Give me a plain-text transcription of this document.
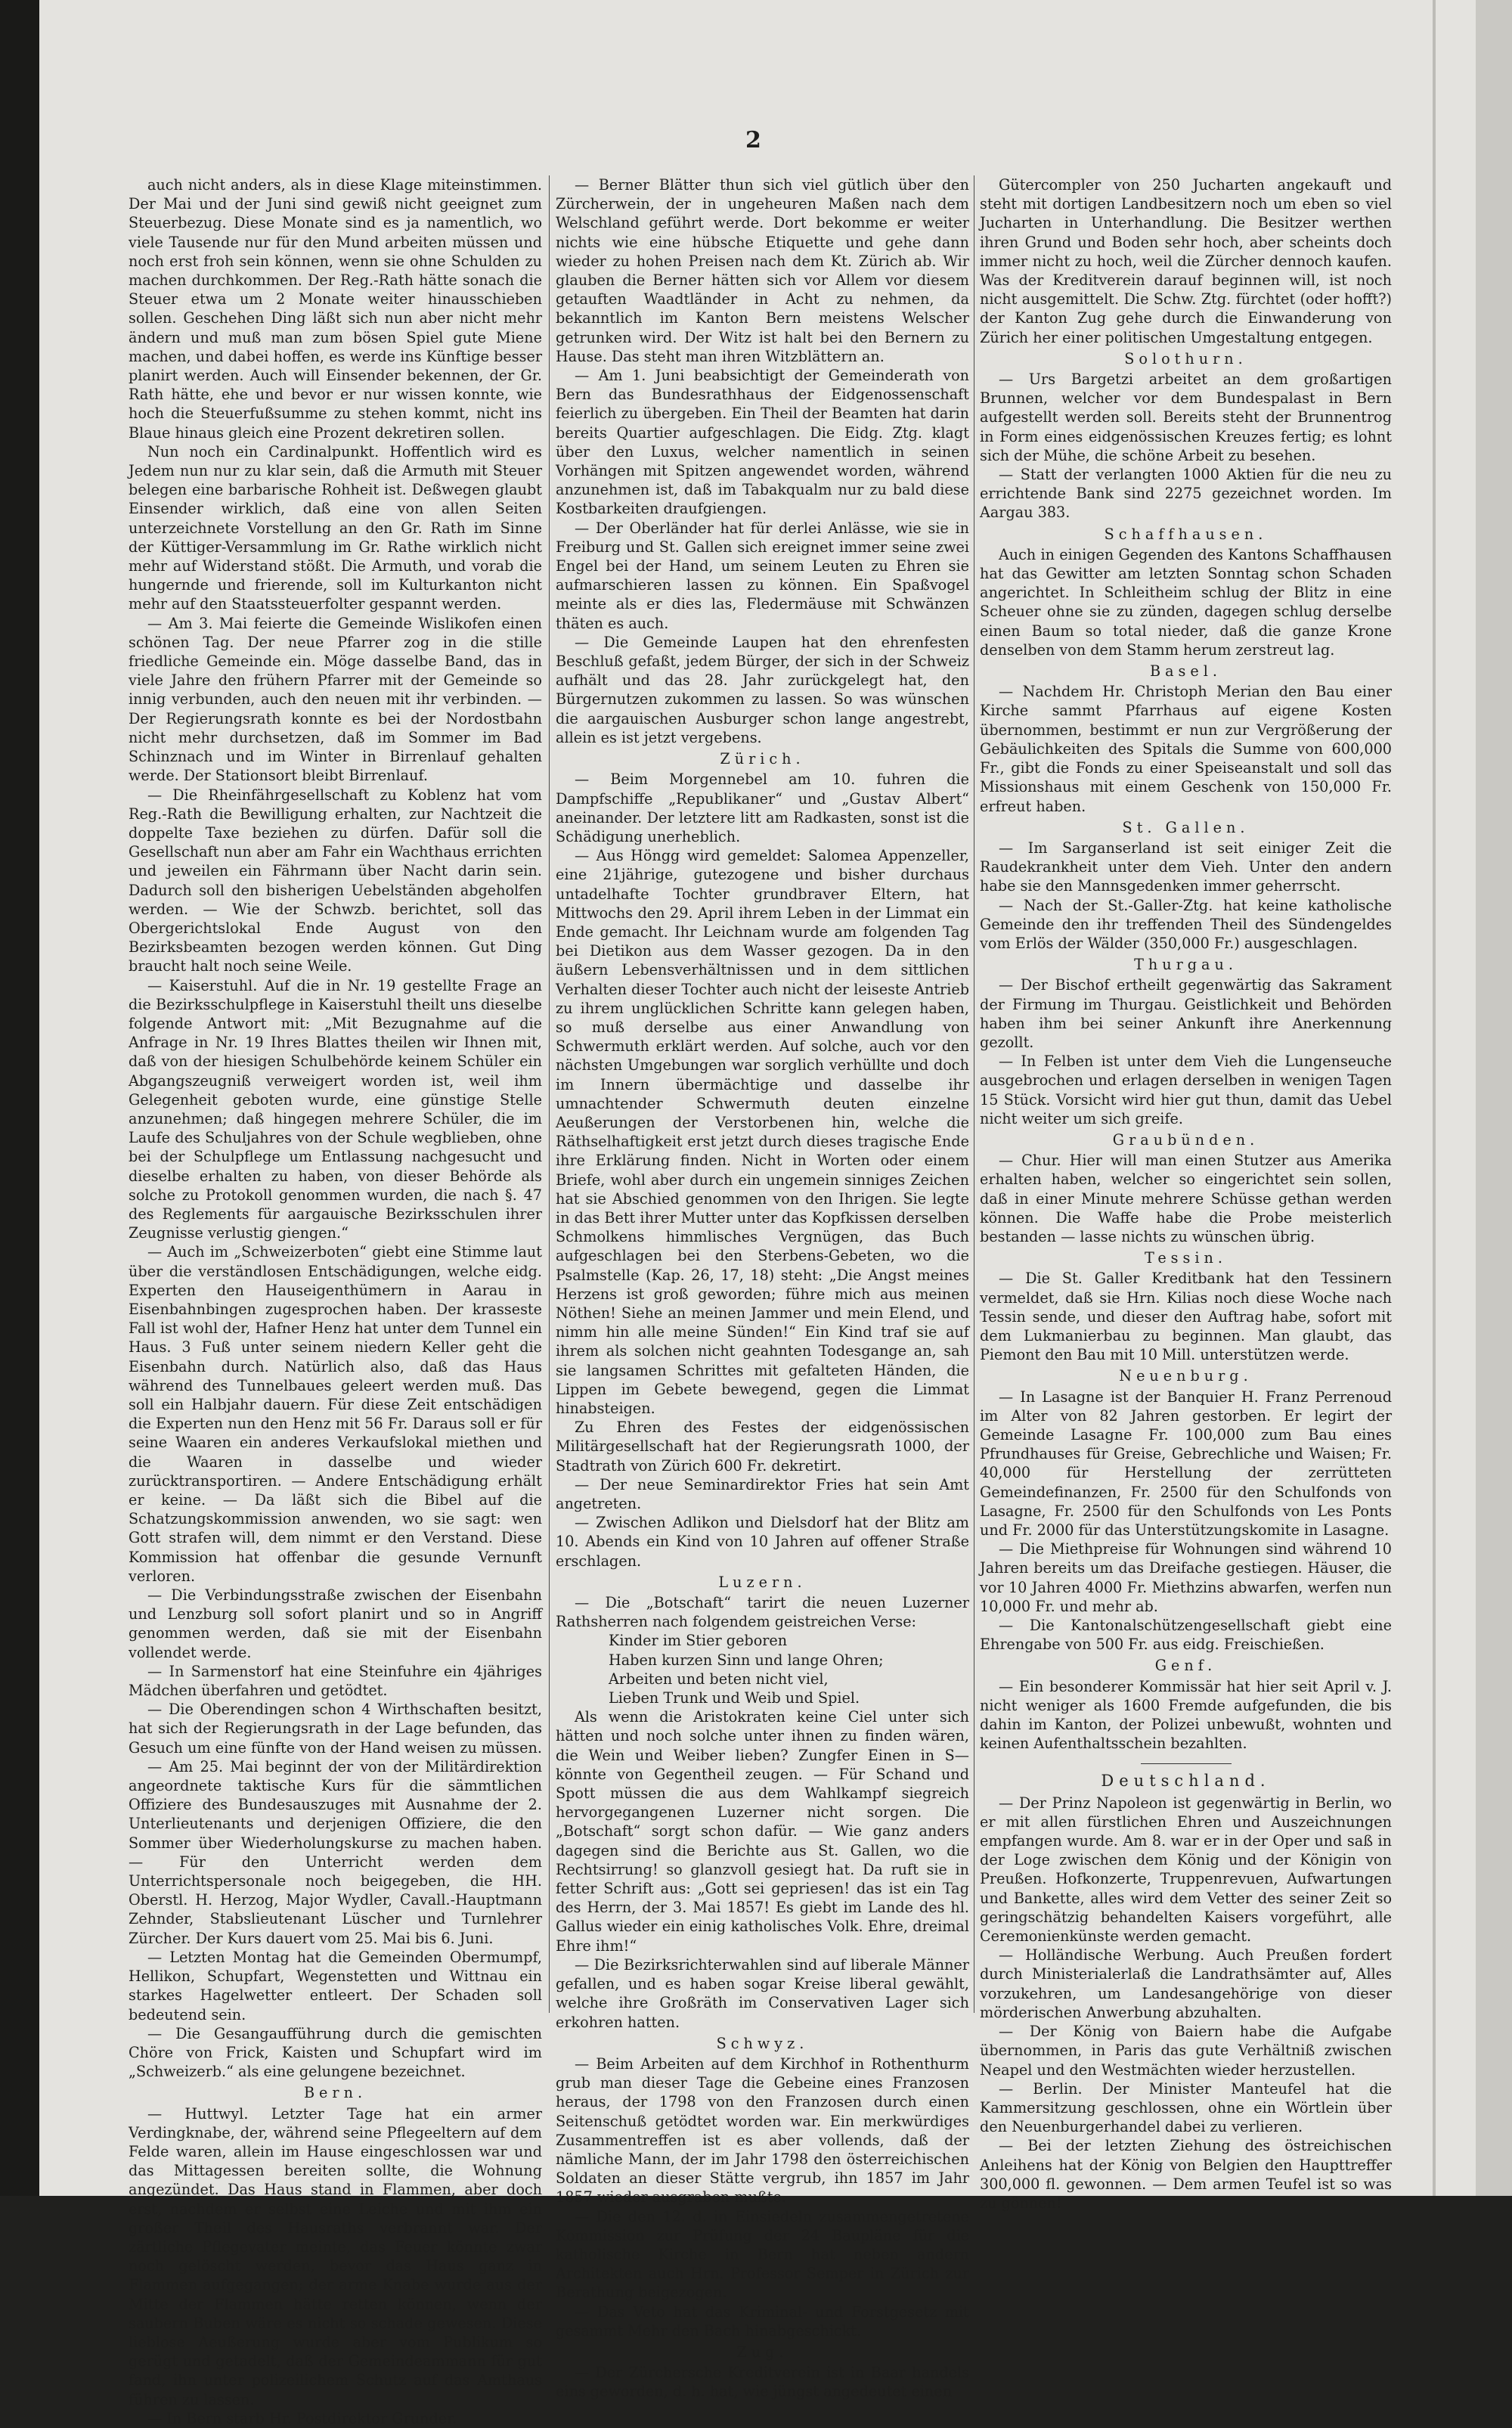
2

auch nicht anders, als in diese Klage miteinstimmen. Der Mai und der Juni sind gewiß nicht geeignet zum Steuerbezug. Diese Monate sind es ja namentlich, wo viele Tausende nur für den Mund arbeiten müssen und noch erst froh sein können, wenn sie ohne Schulden zu machen durchkommen. Der Reg.-Rath hätte sonach die Steuer etwa um 2 Monate weiter hinausschieben sollen. Geschehen Ding läßt sich nun aber nicht mehr ändern und muß man zum bösen Spiel gute Miene machen, und dabei hoffen, es werde ins Künftige besser planirt werden. Auch will Einsender bekennen, der Gr. Rath hätte, ehe und bevor er nur wissen konnte, wie hoch die Steuerfußsumme zu stehen kommt, nicht ins Blaue hinaus gleich eine Prozent dekretiren sollen.

Nun noch ein Cardinalpunkt. Hoffentlich wird es Jedem nun nur zu klar sein, daß die Armuth mit Steuer belegen eine barbarische Rohheit ist. Deßwegen glaubt Einsender wirklich, daß eine von allen Seiten unterzeichnete Vorstellung an den Gr. Rath im Sinne der Küttiger-Versammlung im Gr. Rathe wirklich nicht mehr auf Widerstand stößt. Die Armuth, und vorab die hungernde und frierende, soll im Kulturkanton nicht mehr auf den Staatssteuerfolter gespannt werden.

— Am 3. Mai feierte die Gemeinde Wislikofen einen schönen Tag. Der neue Pfarrer zog in die stille friedliche Gemeinde ein. Möge dasselbe Band, das in viele Jahre den frühern Pfarrer mit der Gemeinde so innig verbunden, auch den neuen mit ihr verbinden. — Der Regierungsrath konnte es bei der Nordostbahn nicht mehr durchsetzen, daß im Sommer im Bad Schinznach und im Winter in Birrenlauf gehalten werde. Der Stationsort bleibt Birrenlauf.

— Die Rheinfährgesellschaft zu Koblenz hat vom Reg.-Rath die Bewilligung erhalten, zur Nachtzeit die doppelte Taxe beziehen zu dürfen. Dafür soll die Gesellschaft nun aber am Fahr ein Wachthaus errichten und jeweilen ein Fährmann über Nacht darin sein. Dadurch soll den bisherigen Uebelständen abgeholfen werden. — Wie der Schwzb. berichtet, soll das Obergerichtslokal Ende August von den Bezirksbeamten bezogen werden können. Gut Ding braucht halt noch seine Weile.

— Kaiserstuhl. Auf die in Nr. 19 gestellte Frage an die Bezirksschulpflege in Kaiserstuhl theilt uns dieselbe folgende Antwort mit: „Mit Bezugnahme auf die Anfrage in Nr. 19 Ihres Blattes theilen wir Ihnen mit, daß von der hiesigen Schulbehörde keinem Schüler ein Abgangszeugniß verweigert worden ist, weil ihm Gelegenheit geboten wurde, eine günstige Stelle anzunehmen; daß hingegen mehrere Schüler, die im Laufe des Schuljahres von der Schule wegblieben, ohne bei der Schulpflege um Entlassung nachgesucht und dieselbe erhalten zu haben, von dieser Behörde als solche zu Protokoll genommen wurden, die nach §. 47 des Reglements für aargauische Bezirksschulen ihrer Zeugnisse verlustig giengen.“

— Auch im „Schweizerboten“ giebt eine Stimme laut über die verständlosen Entschädigungen, welche eidg. Experten den Hauseigenthümern in Aarau in Eisenbahnbingen zugesprochen haben. Der krasseste Fall ist wohl der, Hafner Henz hat unter dem Tunnel ein Haus. 3 Fuß unter seinem niedern Keller geht die Eisenbahn durch. Natürlich also, daß das Haus während des Tunnelbaues geleert werden muß. Das soll ein Halbjahr dauern. Für diese Zeit entschädigen die Experten nun den Henz mit 56 Fr. Daraus soll er für seine Waaren ein anderes Verkaufslokal miethen und die Waaren in dasselbe und wieder zurücktransportiren. — Andere Entschädigung erhält er keine. — Da läßt sich die Bibel auf die Schatzungskommission anwenden, wo sie sagt: wen Gott strafen will, dem nimmt er den Verstand. Diese Kommission hat offenbar die gesunde Vernunft verloren.

— Die Verbindungsstraße zwischen der Eisenbahn und Lenzburg soll sofort planirt und so in Angriff genommen werden, daß sie mit der Eisenbahn vollendet werde.

— In Sarmenstorf hat eine Steinfuhre ein 4jähriges Mädchen überfahren und getödtet.

— Die Oberendingen schon 4 Wirthschaften besitzt, hat sich der Regierungsrath in der Lage befunden, das Gesuch um eine fünfte von der Hand weisen zu müssen.

— Am 25. Mai beginnt der von der Militärdirektion angeordnete taktische Kurs für die sämmtlichen Offiziere des Bundesauszuges mit Ausnahme der 2. Unterlieutenants und derjenigen Offiziere, die den Sommer über Wiederholungskurse zu machen haben. — Für den Unterricht werden dem Unterrichtspersonale noch beigegeben, die HH. Oberstl. H. Herzog, Major Wydler, Cavall.-Hauptmann Zehnder, Stabslieutenant Lüscher und Turnlehrer Zürcher. Der Kurs dauert vom 25. Mai bis 6. Juni.

— Letzten Montag hat die Gemeinden Obermumpf, Hellikon, Schupfart, Wegenstetten und Wittnau ein starkes Hagelwetter entleert. Der Schaden soll bedeutend sein.

— Die Gesangaufführung durch die gemischten Chöre von Frick, Kaisten und Schupfart wird im „Schweizerb.“ als eine gelungene bezeichnet.

Bern.

— Huttwyl. Letzter Tage hat ein armer Verdingknabe, der, während seine Pflegeeltern auf dem Felde waren, allein im Hause eingeschlossen war und das Mittagessen bereiten sollte, die Wohnung angezündet. Das Haus stand in Flammen, aber doch erst, nachdem er selbst eine Leiche und mit ihm ein großer Theil des Hausraths verbrannt war. Der zärtliche Pflegevater meinte, das Feuer könnte zwar noch gelöscht werden, bevor das Haus ganz in Flammen aufgegangen; der arme Knabe wurde aus der Mitte der Flammen hätte retten können, wenn der saubern Buben wäre es nicht so schade gewesen. Diese lieblose Aeußerung wurde aber vom Publikum so gerügt und getadelt, daß der Gemeindeammann für gut fand, ihn unter polizeilichem Schutz auf das Amthaus führen zu lassen.

— In Bern starb Hr. Postdirektor Grunder.

— Berner Blätter thun sich viel gütlich über den Zürcherwein, der in ungeheuren Maßen nach dem Welschland geführt werde. Dort bekomme er weiter nichts wie eine hübsche Etiquette und gehe dann wieder zu hohen Preisen nach dem Kt. Zürich ab. Wir glauben die Berner hätten sich vor Allem vor diesem getauften Waadtländer in Acht zu nehmen, da bekanntlich im Kanton Bern meistens Welscher getrunken wird. Der Witz ist halt bei den Bernern zu Hause. Das steht man ihren Witzblättern an.

— Am 1. Juni beabsichtigt der Gemeinderath von Bern das Bundesrathhaus der Eidgenossenschaft feierlich zu übergeben. Ein Theil der Beamten hat darin bereits Quartier aufgeschlagen. Die Eidg. Ztg. klagt über den Luxus, welcher namentlich in seinen Vorhängen mit Spitzen angewendet worden, während anzunehmen ist, daß im Tabakqualm nur zu bald diese Kostbarkeiten draufgiengen.

— Der Oberländer hat für derlei Anlässe, wie sie in Freiburg und St. Gallen sich ereignet immer seine zwei Engel bei der Hand, um seinem Leuten zu Ehren sie aufmarschieren lassen zu können. Ein Spaßvogel meinte als er dies las, Fledermäuse mit Schwänzen thäten es auch.

— Die Gemeinde Laupen hat den ehrenfesten Beschluß gefaßt, jedem Bürger, der sich in der Schweiz aufhält und das 28. Jahr zurückgelegt hat, den Bürgernutzen zukommen zu lassen. So was wünschen die aargauischen Ausburger schon lange angestrebt, allein es ist jetzt vergebens.

Zürich.

— Beim Morgennebel am 10. fuhren die Dampfschiffe „Republikaner“ und „Gustav Albert“ aneinander. Der letztere litt am Radkasten, sonst ist die Schädigung unerheblich.

— Aus Höngg wird gemeldet: Salomea Appenzeller, eine 21jährige, gutezogene und bisher durchaus untadelhafte Tochter grundbraver Eltern, hat Mittwochs den 29. April ihrem Leben in der Limmat ein Ende gemacht. Ihr Leichnam wurde am folgenden Tag bei Dietikon aus dem Wasser gezogen. Da in den äußern Lebensverhältnissen und in dem sittlichen Verhalten dieser Tochter auch nicht der leiseste Antrieb zu ihrem unglücklichen Schritte kann gelegen haben, so muß derselbe aus einer Anwandlung von Schwermuth erklärt werden. Auf solche, auch vor den nächsten Umgebungen war sorglich verhüllte und doch im Innern übermächtige und dasselbe ihr umnachtender Schwermuth deuten einzelne Aeußerungen der Verstorbenen hin, welche die Räthselhaftigkeit erst jetzt durch dieses tragische Ende ihre Erklärung finden. Nicht in Worten oder einem Briefe, wohl aber durch ein ungemein sinniges Zeichen hat sie Abschied genommen von den Ihrigen. Sie legte in das Bett ihrer Mutter unter das Kopfkissen derselben Schmolkens himmlisches Vergnügen, das Buch aufgeschlagen bei den Sterbens-Gebeten, wo die Psalmstelle (Kap. 26, 17, 18) steht: „Die Angst meines Herzens ist groß geworden; führe mich aus meinen Nöthen! Siehe an meinen Jammer und mein Elend, und nimm hin alle meine Sünden!“ Ein Kind traf sie auf ihrem als solchen nicht geahnten Todesgange an, sah sie langsamen Schrittes mit gefalteten Händen, die Lippen im Gebete bewegend, gegen die Limmat hinabsteigen.

Zu Ehren des Festes der eidgenössischen Militärgesellschaft hat der Regierungsrath 1000, der Stadtrath von Zürich 600 Fr. dekretirt.

— Der neue Seminardirektor Fries hat sein Amt angetreten.

— Zwischen Adlikon und Dielsdorf hat der Blitz am 10. Abends ein Kind von 10 Jahren auf offener Straße erschlagen.

Luzern.

— Die „Botschaft“ tarirt die neuen Luzerner Rathsherren nach folgendem geistreichen Verse:

Kinder im Stier geboren

Haben kurzen Sinn und lange Ohren;

Arbeiten und beten nicht viel,

Lieben Trunk und Weib und Spiel.

Als wenn die Aristokraten keine Ciel unter sich hätten und noch solche unter ihnen zu finden wären, die Wein und Weiber lieben? Zungfer Einen in S— könnte von Gegentheil zeugen. — Für Schand und Spott müssen die aus dem Wahlkampf siegreich hervorgegangenen Luzerner nicht sorgen. Die „Botschaft“ sorgt schon dafür. — Wie ganz anders dagegen sind die Berichte aus St. Gallen, wo die Rechtsirrung! so glanzvoll gesiegt hat. Da ruft sie in fetter Schrift aus: „Gott sei gepriesen! das ist ein Tag des Herrn, der 3. Mai 1857! Es giebt im Lande des hl. Gallus wieder ein einig katholisches Volk. Ehre, dreimal Ehre ihm!“

— Die Bezirksrichterwahlen sind auf liberale Männer gefallen, und es haben sogar Kreise liberal gewählt, welche ihre Großräth im Conservativen Lager sich erkohren hatten.

Schwyz.

— Beim Arbeiten auf dem Kirchhof in Rothenthurm grub man dieser Tage die Gebeine eines Franzosen heraus, der 1798 von den Franzosen durch einen Seitenschuß getödtet worden war. Ein merkwürdiges Zusammentreffen ist es aber vollends, daß der nämliche Mann, der im Jahr 1798 den österreichischen Soldaten an dieser Stätte vergrub, ihn 1857 im Jahr 1857 wieder ausgraben mußte.

— Die den 12. d. in Einsiedeln zusammengetretene Kommission zur Prüfung der 24 Baupläne für die katholische Kirche in Bern hat neben andern Architekten auch Hrn. Professor Semper in Zürich zur Berathung beigezogen.

— Das Veto hat das Kriminal- und Forstgesetz mit gesammt Mehr den Bach hinabgeschickt.

Zug.

— Der Zürchersche Kreditverein ist in Baar handels eins geworden, d. h. hat, wie jüngst angedeutet einen

Gütercompler von 250 Jucharten angekauft und steht mit dortigen Landbesitzern noch um eben so viel Jucharten in Unterhandlung. Die Besitzer werthen ihren Grund und Boden sehr hoch, aber scheints doch immer nicht zu hoch, weil die Zürcher dennoch kaufen. Was der Kreditverein darauf beginnen will, ist noch nicht ausgemittelt. Die Schw. Ztg. fürchtet (oder hofft?) der Kanton Zug gehe durch die Einwanderung von Zürich her einer politischen Umgestaltung entgegen.

Solothurn.

— Urs Bargetzi arbeitet an dem großartigen Brunnen, welcher vor dem Bundespalast in Bern aufgestellt werden soll. Bereits steht der Brunnentrog in Form eines eidgenössischen Kreuzes fertig; es lohnt sich der Mühe, die schöne Arbeit zu besehen.

— Statt der verlangten 1000 Aktien für die neu zu errichtende Bank sind 2275 gezeichnet worden. Im Aargau 383.

Schaffhausen.

Auch in einigen Gegenden des Kantons Schaffhausen hat das Gewitter am letzten Sonntag schon Schaden angerichtet. In Schleitheim schlug der Blitz in eine Scheuer ohne sie zu zünden, dagegen schlug derselbe einen Baum so total nieder, daß die ganze Krone denselben von dem Stamm herum zerstreut lag.

Basel.

— Nachdem Hr. Christoph Merian den Bau einer Kirche sammt Pfarrhaus auf eigene Kosten übernommen, bestimmt er nun zur Vergrößerung der Gebäulichkeiten des Spitals die Summe von 600,000 Fr., gibt die Fonds zu einer Speiseanstalt und soll das Missionshaus mit einem Geschenk von 150,000 Fr. erfreut haben.

St. Gallen.

— Im Sarganserland ist seit einiger Zeit die Raudekrankheit unter dem Vieh. Unter den andern habe sie den Mannsgedenken immer geherrscht.

— Nach der St.-Galler-Ztg. hat keine katholische Gemeinde den ihr treffenden Theil des Sündengeldes vom Erlös der Wälder (350,000 Fr.) ausgeschlagen.

Thurgau.

— Der Bischof ertheilt gegenwärtig das Sakrament der Firmung im Thurgau. Geistlichkeit und Behörden haben ihm bei seiner Ankunft ihre Anerkennung gezollt.

— In Felben ist unter dem Vieh die Lungenseuche ausgebrochen und erlagen derselben in wenigen Tagen 15 Stück. Vorsicht wird hier gut thun, damit das Uebel nicht weiter um sich greife.

Graubünden.

— Chur. Hier will man einen Stutzer aus Amerika erhalten haben, welcher so eingerichtet sein sollen, daß in einer Minute mehrere Schüsse gethan werden können. Die Waffe habe die Probe meisterlich bestanden — lasse nichts zu wünschen übrig.

Tessin.

— Die St. Galler Kreditbank hat den Tessinern vermeldet, daß sie Hrn. Kilias noch diese Woche nach Tessin sende, und dieser den Auftrag habe, sofort mit dem Lukmanierbau zu beginnen. Man glaubt, das Piemont den Bau mit 10 Mill. unterstützen werde.

Neuenburg.

— In Lasagne ist der Banquier H. Franz Perrenoud im Alter von 82 Jahren gestorben. Er legirt der Gemeinde Lasagne Fr. 100,000 zum Bau eines Pfrundhauses für Greise, Gebrechliche und Waisen; Fr. 40,000 für Herstellung der zerrütteten Gemeindefinanzen, Fr. 2500 für den Schulfonds von Lasagne, Fr. 2500 für den Schulfonds von Les Ponts und Fr. 2000 für das Unterstützungskomite in Lasagne.

— Die Miethpreise für Wohnungen sind während 10 Jahren bereits um das Dreifache gestiegen. Häuser, die vor 10 Jahren 4000 Fr. Miethzins abwarfen, werfen nun 10,000 Fr. und mehr ab.

— Die Kantonalschützengesellschaft giebt eine Ehrengabe von 500 Fr. aus eidg. Freischießen.

Genf.

— Ein besonderer Kommissär hat hier seit April v. J. nicht weniger als 1600 Fremde aufgefunden, die bis dahin im Kanton, der Polizei unbewußt, wohnten und keinen Aufenthaltsschein bezahlten.

Deutschland.

— Der Prinz Napoleon ist gegenwärtig in Berlin, wo er mit allen fürstlichen Ehren und Auszeichnungen empfangen wurde. Am 8. war er in der Oper und saß in der Loge zwischen dem König und der Königin von Preußen. Hofkonzerte, Truppenrevuen, Aufwartungen und Bankette, alles wird dem Vetter des seiner Zeit so geringschätzig behandelten Kaisers vorgeführt, alle Ceremonienkünste werden gemacht.

— Holländische Werbung. Auch Preußen fordert durch Ministerialerlaß die Landrathsämter auf, Alles vorzukehren, um Landesangehörige von dieser mörderischen Anwerbung abzuhalten.

— Der König von Baiern habe die Aufgabe übernommen, in Paris das gute Verhältniß zwischen Neapel und den Westmächten wieder herzustellen.

— Berlin. Der Minister Manteufel hat die Kammersitzung geschlossen, ohne ein Wörtlein über den Neuenburgerhandel dabei zu verlieren.

— Bei der letzten Ziehung des östreichischen Anleihens hat der König von Belgien den Haupttreffer 300,000 fl. gewonnen. — Dem armen Teufel ist so was zu gönnen!
